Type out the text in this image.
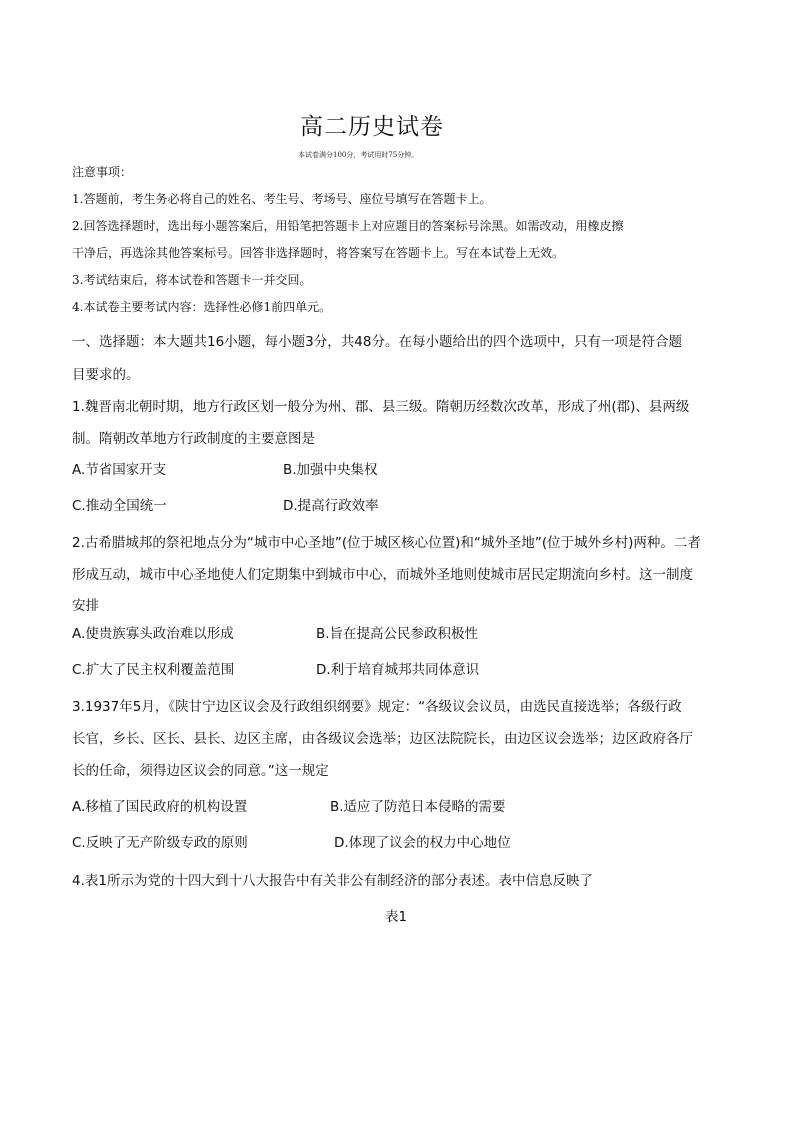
高二历史试卷
本试卷满分100分，考试用时75分钟。
注意事项：
1.答题前，考生务必将自己的姓名、考生号、考场号、座位号填写在答题卡上。
2.回答选择题时，选出每小题答案后，用铅笔把答题卡上对应题目的答案标号涂黑。如需改动，用橡皮擦
干净后，再选涂其他答案标号。回答非选择题时，将答案写在答题卡上。写在本试卷上无效。
3.考试结束后，将本试卷和答题卡一并交回。
4.本试卷主要考试内容：选择性必修1前四单元。
一、选择题：本大题共16小题，每小题3分，共48分。在每小题给出的四个选项中，只有一项是符合题
目要求的。
1.魏晋南北朝时期，地方行政区划一般分为州、郡、县三级。隋朝历经数次改革，形成了州(郡)、县两级
制。隋朝改革地方行政制度的主要意图是
A.节省国家开支	B.加强中央集权
C.推动全国统一	D.提高行政效率
2.古希腊城邦的祭祀地点分为“城市中心圣地”(位于城区核心位置)和“城外圣地”(位于城外乡村)两种。二者
形成互动，城市中心圣地使人们定期集中到城市中心，而城外圣地则使城市居民定期流向乡村。这一制度
安排
A.使贵族寡头政治难以形成	B.旨在提高公民参政积极性
C.扩大了民主权利覆盖范围	D.利于培育城邦共同体意识
3.1937年5月，《陕甘宁边区议会及行政组织纲要》规定：“各级议会议员，由选民直接选举；各级行政
长官，乡长、区长、县长、边区主席，由各级议会选举；边区法院院长，由边区议会选举；边区政府各厅
长的任命，须得边区议会的同意。”这一规定
A.移植了国民政府的机构设置	B.适应了防范日本侵略的需要
C.反映了无产阶级专政的原则	D.体现了议会的权力中心地位
4.表1所示为党的十四大到十八大报告中有关非公有制经济的部分表述。表中信息反映了
表1
